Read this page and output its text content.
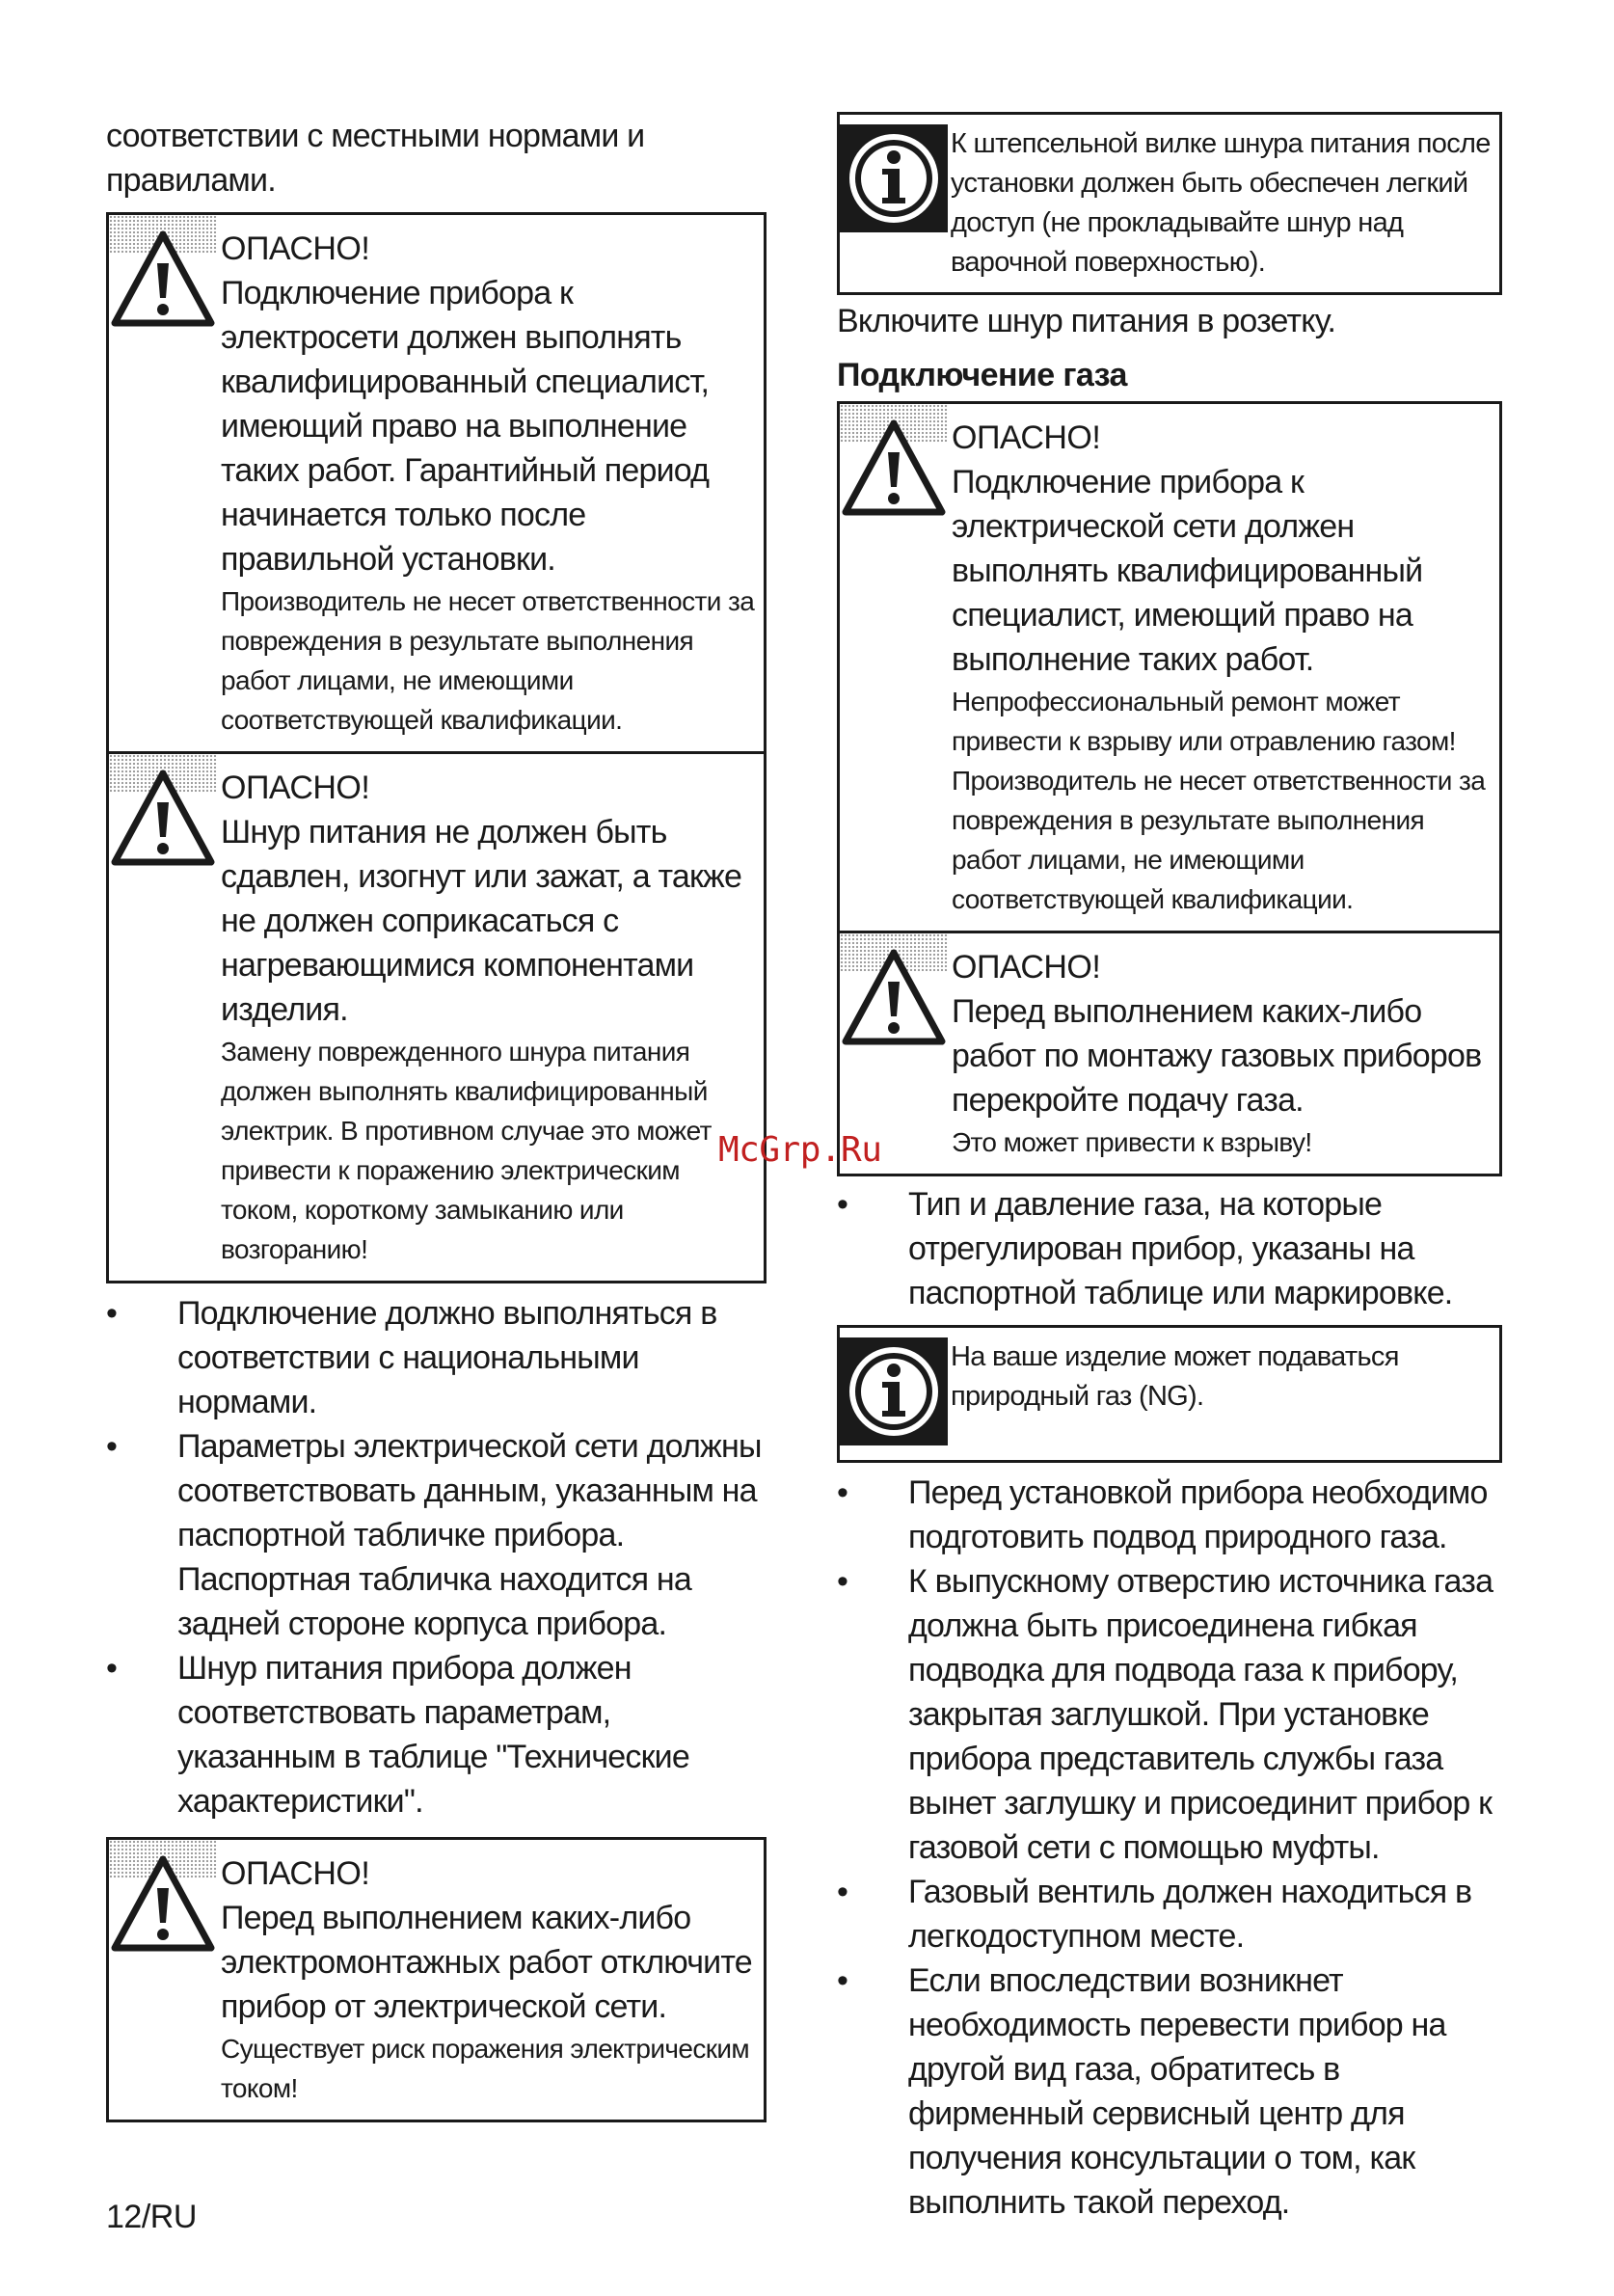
соответствии с местными нормами и правилами.

ОПАСНО!
Подключение прибора к электросети должен выполнять квалифицированный специалист, имеющий право на выполнение таких работ. Гарантийный период начинается только после правильной установки.
Производитель не несет ответственности за повреждения в результате выполнения работ лицами, не имеющими соответствующей квалификации.
ОПАСНО!
Шнур питания не должен быть сдавлен, изогнут или зажат, а также не должен соприкасаться с нагревающимися компонентами изделия.
Замену поврежденного шнура питания должен выполнять квалифицированный электрик. В противном случае это может привести к поражению электрическим током, короткому замыканию или возгоранию!
• Подключение должно выполняться в соответствии с национальными нормами.
• Параметры электрической сети должны соответствовать данным, указанным на паспортной табличке прибора. Паспортная табличка находится на задней стороне корпуса прибора.
• Шнур питания прибора должен соответствовать параметрам, указанным в таблице "Технические характеристики".
ОПАСНО!
Перед выполнением каких-либо электромонтажных работ отключите прибор от электрической сети.
Существует риск поражения электрическим током!
К штепсельной вилке шнура питания после установки должен быть обеспечен легкий доступ (не прокладывайте шнур над варочной поверхностью).

Включите шнур питания в розетку.

Подключение газа
ОПАСНО!
Подключение прибора к электрической сети должен выполнять квалифицированный специалист, имеющий право на выполнение таких работ.
Непрофессиональный ремонт может привести к взрыву или отравлению газом!
Производитель не несет ответственности за повреждения в результате выполнения работ лицами, не имеющими соответствующей квалификации.
ОПАСНО!
Перед выполнением каких-либо работ по монтажу газовых приборов перекройте подачу газа.
Это может привести к взрыву!
• Тип и давление газа, на которые отрегулирован прибор, указаны на паспортной таблице или маркировке.
На ваше изделие может подаваться природный газ (NG).
• Перед установкой прибора необходимо подготовить подвод природного газа.
• К выпускному отверстию источника газа должна быть присоединена гибкая подводка для подвода газа к прибору, закрытая заглушкой. При установке прибора представитель службы газа вынет заглушку и присоединит прибор к газовой сети с помощью муфты.
• Газовый вентиль должен находиться в легкодоступном месте.
• Если впоследствии возникнет необходимость перевести прибор на другой вид газа, обратитесь в фирменный сервисный центр для получения консультации о том, как выполнить такой переход.
McGrp.Ru
12/RU
